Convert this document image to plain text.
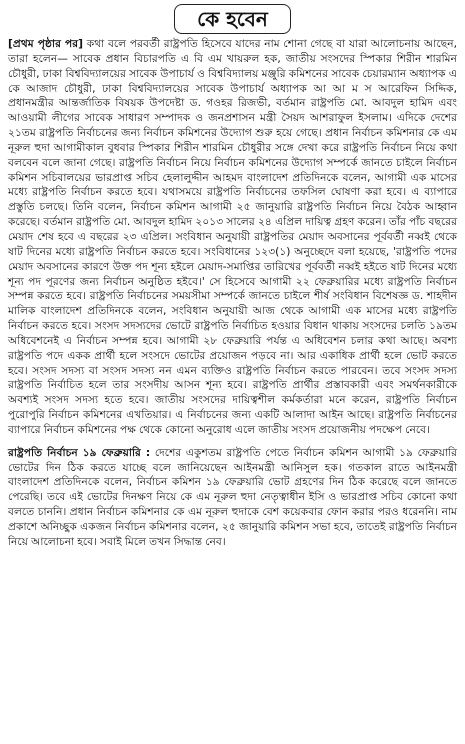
কে হবেন

[প্রথম পৃষ্ঠার পর] কথা বলে পরবর্তী রাষ্ট্রপতি হিসেবে যাদের নাম শোনা গেছে বা যারা আলোচনায় আছেন, তারা হলেন— সাবেক প্রধান বিচারপতি এ বি এম খায়রুল হক, জাতীয় সংসদের স্পিকার শিরীন শারমিন চৌধুরী, ঢাকা বিশ্ববিদ্যালয়ের সাবেক উপাচার্য ও বিশ্ববিদ্যালয় মঞ্জুরি কমিশনের সাবেক চেয়ারম্যান অধ্যাপক এ কে আজাদ চৌধুরী, ঢাকা বিশ্ববিদ্যালয়ের সাবেক উপাচার্য অধ্যাপক আ আ ম স আরেফিন সিদ্দিক, প্রধানমন্ত্রীর আন্তর্জাতিক বিষয়ক উপদেষ্টা ড. গওহর রিজভী, বর্তমান রাষ্ট্রপতি মো. আবদুল হামিদ এবং আওয়ামী লীগের সাবেক সাধারণ সম্পাদক ও জনপ্রশাসন মন্ত্রী সৈয়দ আশরাফুল ইসলাম। এদিকে দেশের ২১তম রাষ্ট্রপতি নির্বাচনের জন্য নির্বাচন কমিশনের উদ্যোগ শুরু হয়ে গেছে। প্রধান নির্বাচন কমিশনার কে এম নূরুল হুদা আগামীকাল বুধবার স্পিকার শিরীন শারমিন চৌধুরীর সঙ্গে দেখা করে রাষ্ট্রপতি নির্বাচন নিয়ে কথা বলবেন বলে জানা গেছে। রাষ্ট্রপতি নির্বাচন নিয়ে নির্বাচন কমিশনের উদ্যোগ সম্পর্কে জানতে চাইলে নির্বাচন কমিশন সচিবালয়ের ভারপ্রাপ্ত সচিব হেলালুদ্দীন আহমদ বাংলাদেশ প্রতিদিনকে বলেন, আগামী এক মাসের মধ্যে রাষ্ট্রপতি নির্বাচন করতে হবে। যথাসময়ে রাষ্ট্রপতি নির্বাচনের তফসিল ঘোষণা করা হবে। এ ব্যাপারে প্রস্তুতি চলছে। তিনি বলেন, নির্বাচন কমিশন আগামী ২৫ জানুয়ারি রাষ্ট্রপতি নির্বাচন নিয়ে বৈঠক আহ্বান করেছে। বর্তমান রাষ্ট্রপতি মো. আবদুল হামিদ ২০১৩ সালের ২৪ এপ্রিল দায়িত্ব গ্রহণ করেন। তাঁর পাঁচ বছরের মেয়াদ শেষ হবে এ বছরের ২৩ এপ্রিল। সংবিধান অনুযায়ী রাষ্ট্রপতির মেয়াদ অবসানের পূর্ববর্তী নব্বই থেকে ষাট দিনের মধ্যে রাষ্ট্রপতি নির্বাচন করতে হবে। সংবিধানের ১২৩(১) অনুচ্ছেদে বলা হয়েছে, 'রাষ্ট্রপতি পদের মেয়াদ অবসানের কারণে উক্ত পদ শূন্য হইলে মেয়াদ-সমাপ্তির তারিখের পূর্ববর্তী নব্বই হইতে ষাট দিনের মধ্যে শূন্য পদ পূরণের জন্য নির্বাচন অনুষ্ঠিত হইবে।' সে হিসেবে আগামী ২২ ফেব্রুয়ারির মধ্যে রাষ্ট্রপতি নির্বাচন সম্পন্ন করতে হবে। রাষ্ট্রপতি নির্বাচনের সময়সীমা সম্পর্কে জানতে চাইলে শীর্ষ সংবিধান বিশেষজ্ঞ ড. শাহদীন মালিক বাংলাদেশ প্রতিদিনকে বলেন, সংবিধান অনুযায়ী আজ থেকে আগামী এক মাসের মধ্যে রাষ্ট্রপতি নির্বাচন করতে হবে। সংসদ সদস্যদের ভোটে রাষ্ট্রপতি নির্বাচিত হওয়ার বিধান থাকায় সংসদের চলতি ১৯তম অধিবেশনেই এ নির্বাচন সম্পন্ন হবে। আগামী ২৮ ফেব্রুয়ারি পর্যন্ত এ অধিবেশন চলার কথা আছে। অবশ্য রাষ্ট্রপতি পদে একক প্রার্থী হলে সংসদে ভোটের প্রয়োজন পড়বে না। আর একাধিক প্রার্থী হলে ভোট করতে হবে। সংসদ সদস্য বা সংসদ সদস্য নন এমন ব্যক্তিও রাষ্ট্রপতি নির্বাচন করতে পারবেন। তবে সংসদ সদস্য রাষ্ট্রপতি নির্বাচিত হলে তার সংসদীয় আসন শূন্য হবে। রাষ্ট্রপতি প্রার্থীর প্রস্তাবকারী এবং সমর্থনকারীকে অবশ্যই সংসদ সদস্য হতে হবে। জাতীয় সংসদের দায়িত্বশীল কর্মকর্তারা মনে করেন, রাষ্ট্রপতি নির্বাচন পুরোপুরি নির্বাচন কমিশনের এখতিয়ার। এ নির্বাচনের জন্য একটি আলাদা আইন আছে। রাষ্ট্রপতি নির্বাচনের ব্যাপারে নির্বাচন কমিশনের পক্ষ থেকে কোনো অনুরোধ এলে জাতীয় সংসদ প্রয়োজনীয় পদক্ষেপ নেবে।

রাষ্ট্রপতি নির্বাচন ১৯ ফেব্রুয়ারি : দেশের একুশতম রাষ্ট্রপতি পেতে নির্বাচন কমিশন আগামী ১৯ ফেব্রুয়ারি ভোটের দিন ঠিক করতে যাচ্ছে বলে জানিয়েছেন আইনমন্ত্রী আনিসুল হক। গতকাল রাতে আইনমন্ত্রী বাংলাদেশ প্রতিদিনকে বলেন, নির্বাচন কমিশন ১৯ ফেব্রুয়ারি ভোট গ্রহণের দিন ঠিক করেছে বলে জানতে পেরেছি। তবে এই ভোটের দিনক্ষণ নিয়ে কে এম নূরুল হুদা নেতৃত্বাধীন ইসি ও ভারপ্রাপ্ত সচিব কোনো কথা বলতে চাননি। প্রধান নির্বাচন কমিশনার কে এম নূরুল হুদাকে বেশ কয়েকবার ফোন করার পরও ধরেননি। নাম প্রকাশে অনিচ্ছুক একজন নির্বাচন কমিশনার বলেন, ২৫ জানুয়ারি কমিশন সভা হবে, তাতেই রাষ্ট্রপতি নির্বাচন নিয়ে আলোচনা হবে। সবাই মিলে তখন সিদ্ধান্ত নেব।
